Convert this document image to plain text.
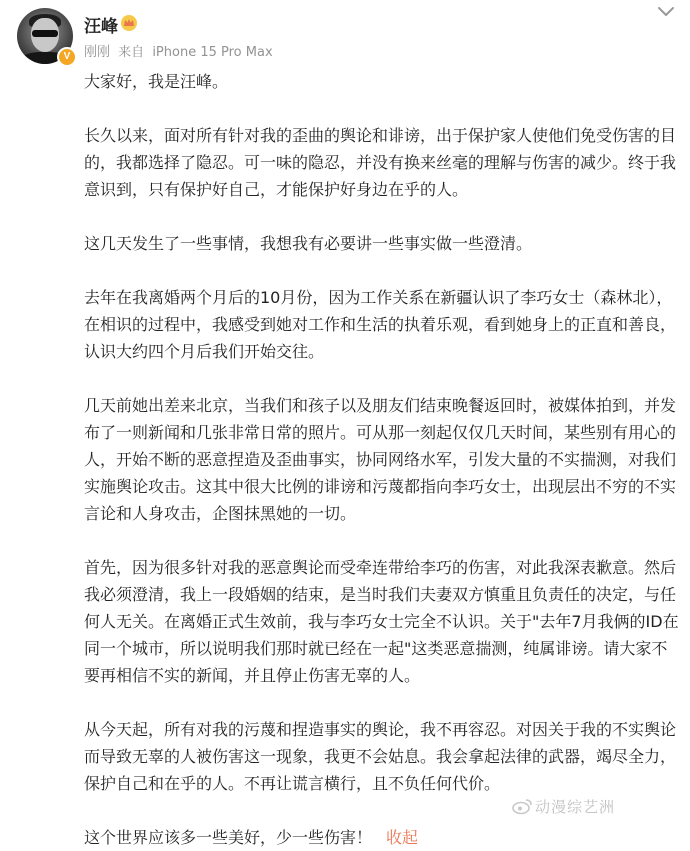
V
汪峰
刚刚 来自 iPhone 15 Pro Max

大家好，我是汪峰。

长久以来，面对所有针对我的歪曲的舆论和诽谤，出于保护家人使他们免受伤害的目的，我都选择了隐忍。可一味的隐忍，并没有换来丝毫的理解与伤害的减少。终于我意识到，只有保护好自己，才能保护好身边在乎的人。

这几天发生了一些事情，我想我有必要讲一些事实做一些澄清。

去年在我离婚两个月后的10月份，因为工作关系在新疆认识了李巧女士（森林北），在相识的过程中，我感受到她对工作和生活的执着乐观，看到她身上的正直和善良，认识大约四个月后我们开始交往。

几天前她出差来北京，当我们和孩子以及朋友们结束晚餐返回时，被媒体拍到，并发布了一则新闻和几张非常日常的照片。可从那一刻起仅仅几天时间，某些别有用心的人，开始不断的恶意捏造及歪曲事实，协同网络水军，引发大量的不实揣测，对我们实施舆论攻击。这其中很大比例的诽谤和污蔑都指向李巧女士，出现层出不穷的不实言论和人身攻击，企图抹黑她的一切。

首先，因为很多针对我的恶意舆论而受牵连带给李巧的伤害，对此我深表歉意。然后我必须澄清，我上一段婚姻的结束，是当时我们夫妻双方慎重且负责任的决定，与任何人无关。在离婚正式生效前，我与李巧女士完全不认识。关于"去年7月我俩的ID在同一个城市，所以说明我们那时就已经在一起"这类恶意揣测，纯属诽谤。请大家不要再相信不实的新闻，并且停止伤害无辜的人。

从今天起，所有对我的污蔑和捏造事实的舆论，我不再容忍。对因关于我的不实舆论而导致无辜的人被伤害这一现象，我更不会姑息。我会拿起法律的武器，竭尽全力，保护自己和在乎的人。不再让谎言横行，且不负任何代价。

这个世界应该多一些美好，少一些伤害！ 收起

动漫综艺洲
